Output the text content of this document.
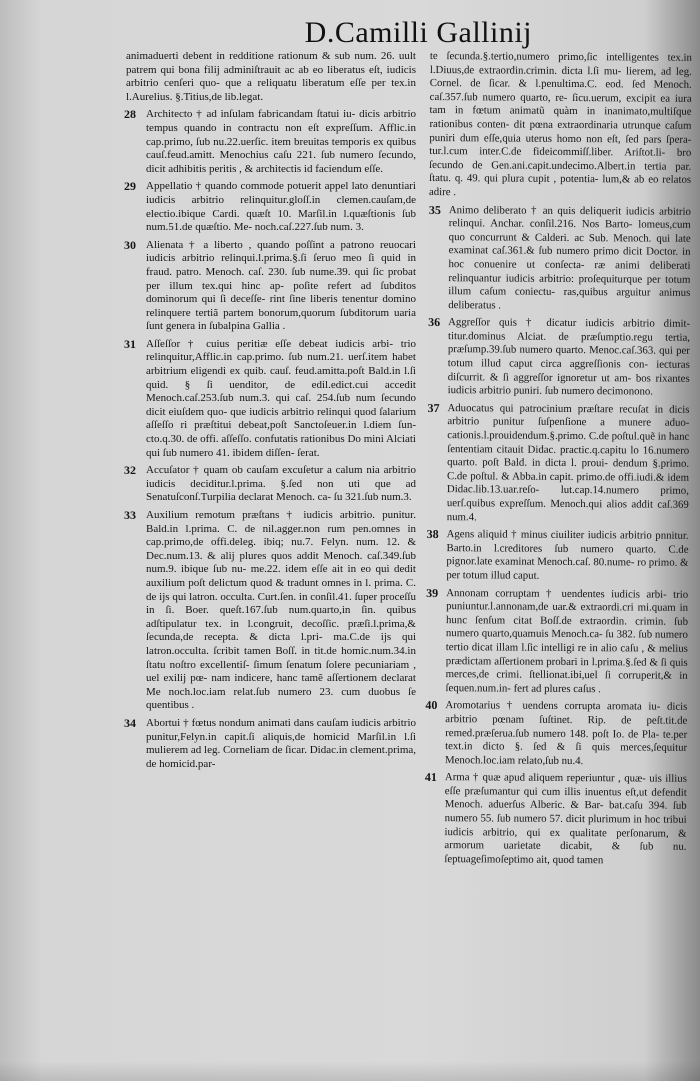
D.Camilli Gallinij
animaduerti debent in redditione rationum & sub num. 26. uult patrem qui bona filij adminiſtrauit ac ab eo liberatus eſt, iudicis arbitrio cenſeri quo- que a reliquatu liberatum eſſe per tex.in l.Aurelius. §.Titius,de lib.legat.
28 Architecto † ad inſulam fabricandam ſtatui iu- dicis arbitrio tempus quando in contractu non eſt expreſſum. Afflic.in cap.primo, ſub nu.22.uerſic. item breuitas temporis ex quibus cauſ.feud.amitt. Menochius caſu 221. ſub numero ſecundo, dicit adhibitis peritis , & architectis id faciendum eſſe.
29 Appellatio † quando commode potuerit appel lato denuntiari iudicis arbitrio relinquitur.gloſſ.in clemen.cauſam,de electio.ibique Cardi. quæſt 10. Marſil.in l.quæſtionis ſub num.51.de quæſtio. Me- noch.caſ.227.ſub num. 3.
30 Alienata † a liberto , quando poſſint a patrono reuocari iudicis arbitrio relinqui.l.prima.§.ſi ſeruo meo ſi quid in fraud. patro. Menoch. caſ. 230. ſub nume.39. qui ſic probat per illum tex.qui hinc ap- poſite refert ad ſubditos dominorum qui ſi deceſſe- rint ſine liberis tenentur domino relinquere tertiã partem bonorum,quorum ſubditorum uaria ſunt genera in ſubalpina Gallia .
31 Aſſeſſor † cuius peritiæ eſſe debeat iudicis arbi- trio relinquitur,Afflic.in cap.primo. ſub num.21. uerſ.item habet arbitrium eligendi ex quib. cauſ. feud.amitta.poſt Bald.in l.ſi quid. § ſi uenditor, de edil.edict.cui accedit Menoch.caſ.253.ſub num.3. qui caſ. 254.ſub num ſecundo dicit eiuſdem quo- que iudicis arbitrio relinqui quod ſalarium aſſeſſo ri præſtitui debeat,poſt Sanctoſeuer.in l.diem ſun- cto.q.30. de offi. aſſeſſo. confutatis rationibus Do mini Alciati qui ſub numero 41. ibidem diſſen- ſerat.
32 Accuſator † quam ob cauſam excuſetur a calum nia arbitrio iudicis deciditur.l.prima. §.ſed non uti que ad Senatuſconſ.Turpilia declarat Menoch. ca- ſu 321.ſub num.3.
33 Auxilium remotum præſtans † iudicis arbitrio. punitur. Bald.in l.prima. C. de nil.agger.non rum pen.omnes in cap.primo,de offi.deleg. ibiq; nu.7. Felyn. num. 12. & Dec.num.13. & alij plures quos addit Menoch. caſ.349.ſub num.9. ibique ſub nu- me.22. idem eſſe ait in eo qui dedit auxilium poſt delictum quod & tradunt omnes in l. prima. C. de ijs qui latron. occulta. Curt.ſen. in conſil.41. ſuper proceſſu in ſi. Boer. queſt.167.ſub num.quarto,in ſin. quibus adſtipulatur tex. in l.congruit, decoſſic. præſi.l.prima,& ſecunda,de recepta. & dicta l.pri- ma.C.de ijs qui latron.occulta. ſcribit tamen Boſſ. in tit.de homic.num.34.in ſtatu noſtro excellentiſ- ſimum ſenatum ſolere pecuniariam , uel exilij pœ- nam indicere, hanc tamẽ aſſertionem declarat Me noch.loc.iam relat.ſub numero 23. cum duobus ſe quentibus .
34 Abortui † fœtus nondum animati dans cauſam iudicis arbitrio punitur,Felyn.in capit.ſi aliquis,de homicid Marſil.in l.ſi mulierem ad leg. Corneliam de ſicar. Didac.in clement.prima, de homicid.par-
te ſecunda.§.tertio,numero primo,ſic intelligentes tex.in l.Diuus,de extraordin.crimin. dicta l.ſi mu- lierem, ad leg. Cornel. de ſicar. & l.penultima.C. eod. ſed Menoch. caſ.357.ſub numero quarto, re- ſicu.uerum, excipit ea iura tam in fœtum animatũ quàm in inanimato,multiſque rationibus conten- dit pœna extraordinaria utrunque caſum puniri dum eſſe,quia uterus homo non eſt, ſed pars ſpera- tur.l.cum inter.C.de fideicommiſſ.liber. Ariſtot.li- bro ſecundo de Gen.ani.capit.undecimo.Albert.in tertia par. ſtatu. q. 49. qui plura cupit , potentia- lum,& ab eo relatos adire .
35 Animo deliberato † an quis deliquerit iudicis arbitrio relinqui. Anchar. conſil.216. Nos Barto- lomeus,cum quo concurrunt & Calderi. ac Sub. Menoch. qui late examinat caſ.361.& ſub numero primo dicit Doctor. in hoc conuenire ut conſecta- ræ animi deliberati relinquantur iudicis arbitrio: proſequiturque per totum illum caſum coniectu- ras,quibus arguitur animus deliberatus .
36 Aggreſſor quis † dicatur iudicis arbitrio dimit- titur.dominus Alciat. de præſumptio.regu tertia, præſump.39.ſub numero quarto. Menoc.caſ.363. qui per totum illud caput circa aggreſſionis con- iecturas diſcurrit. & ſi aggreſſor ignoretur ut am- bos rixantes iudicis arbitrio puniri. ſub numero decimonono.
37 Aduocatus qui patrocinium præſtare recuſat in dicis arbitrio punitur ſuſpenſione a munere aduo- cationis.l.prouidendum.§.primo. C.de poſtul.quẽ in hanc ſententiam citauit Didac. practic.q.capitu lo 16.numero quarto. poſt Bald. in dicta l. proui- dendum §.primo. C.de poſtul. & Abba.in capit. primo.de offi.iudi.& idem Didac.lib.13.uar.reſo- lut.cap.14.numero primo, uerſ.quibus expreſſum. Menoch.qui alios addit caſ.369 num.4.
38 Agens aliquid † minus ciuiliter iudicis arbitrio pnnitur. Barto.in l.creditores ſub numero quarto. C.de pignor.late examinat Menoch.caſ. 80.nume- ro primo. & per totum illud caput.
39 Annonam corruptam † uendentes iudicis arbi- trio puniuntur.l.annonam,de uar.& extraordi.cri mi.quam in hunc ſenſum citat Boſſ.de extraordin. crimin. ſub numero quarto,quamuis Menoch.ca- ſu 382. ſub numero tertio dicat illam l.ſic intelligi re in alio caſu , & melius prædictam aſſertionem probari in l.prima.§.ſed & ſi quis merces,de crimi. ſtellionat.ibi,uel ſi corruperit,& in ſequen.num.in- fert ad plures caſus .
40 Aromotarius † uendens corrupta aromata iu- dicis arbitrio pœnam ſuſtinet. Rip. de peſt.tit.de remed.præſerua.ſub numero 148. poſt Io. de Pla- te.per text.in dicto §. ſed & ſi quis merces,ſequitur Menoch.loc.iam relato,ſub nu.4.
41 Arma † quæ apud aliquem reperiuntur , quæ- uis illius eſſe præſumantur qui cum illis inuentus eſt,ut defendit Menoch. aduerſus Alberic. & Bar- bat.caſu 394. ſub numero 55. ſub numero 57. dicit plurimum in hoc tribui iudicis arbitrio, qui ex qualitate perſonarum, & armorum uarietate dicabit, & ſub nu. ſeptuageſimoſeptimo ait, quod tamen
